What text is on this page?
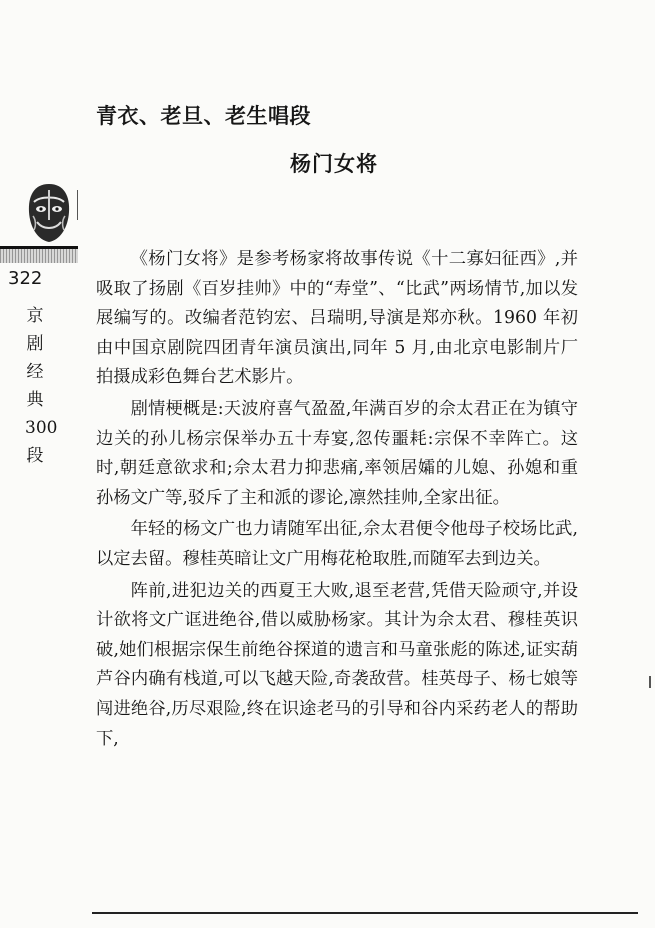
青衣、老旦、老生唱段
杨门女将

322

京剧经典300段

《杨门女将》是参考杨家将故事传说《十二寡妇征西》,并吸取了扬剧《百岁挂帅》中的“寿堂”、“比武”两场情节,加以发展编写的。改编者范钧宏、吕瑞明,导演是郑亦秋。1960 年初由中国京剧院四团青年演员演出,同年 5 月,由北京电影制片厂拍摄成彩色舞台艺术影片。

剧情梗概是:天波府喜气盈盈,年满百岁的佘太君正在为镇守边关的孙儿杨宗保举办五十寿宴,忽传噩耗:宗保不幸阵亡。这时,朝廷意欲求和;佘太君力抑悲痛,率领居孀的儿媳、孙媳和重孙杨文广等,驳斥了主和派的谬论,凛然挂帅,全家出征。

年轻的杨文广也力请随军出征,佘太君便令他母子校场比武,以定去留。穆桂英暗让文广用梅花枪取胜,而随军去到边关。

阵前,进犯边关的西夏王大败,退至老营,凭借天险顽守,并设计欲将文广诓进绝谷,借以威胁杨家。其计为佘太君、穆桂英识破,她们根据宗保生前绝谷探道的遗言和马童张彪的陈述,证实葫芦谷内确有栈道,可以飞越天险,奇袭敌营。桂英母子、杨七娘等闯进绝谷,历尽艰险,终在识途老马的引导和谷内采药老人的帮助下,
